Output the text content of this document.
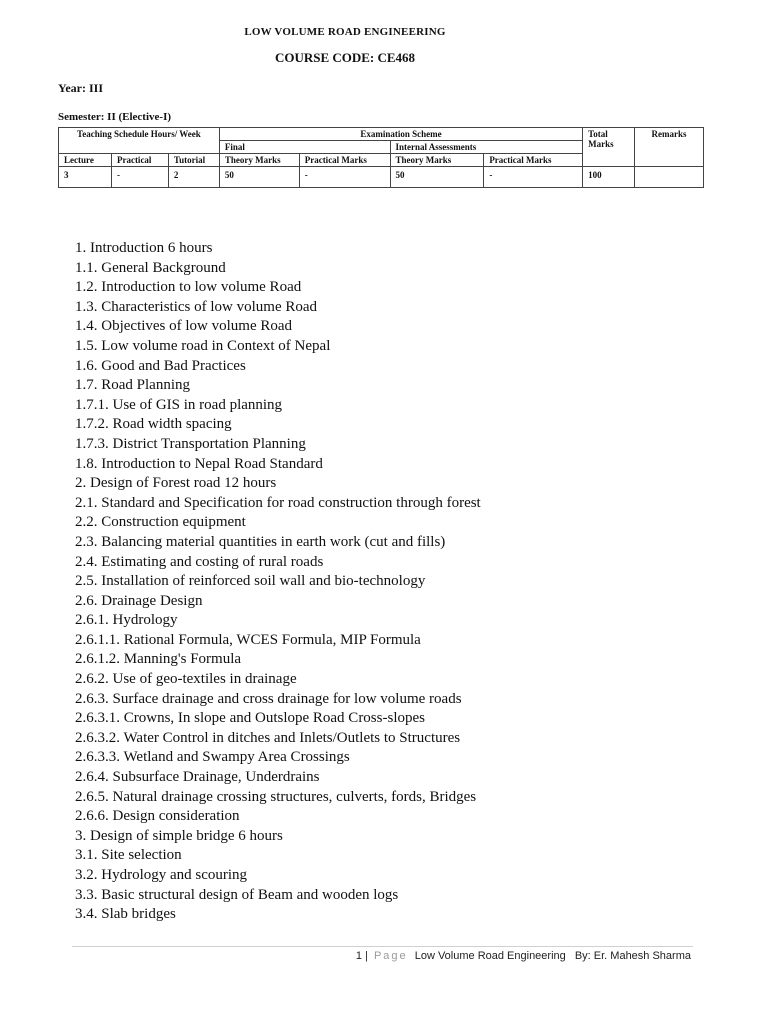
LOW VOLUME ROAD ENGINEERING
COURSE CODE: CE468
Year: III
Semester: II (Elective-I)
Teaching Schedule Hours/ Week			Examination Scheme				Total Marks	Remarks
			Final		Internal Assessments			
Lecture	Practical	Tutorial	Theory Marks	Practical Marks	Theory Marks	Practical Marks		
3	-	2	50	-	50	-	100	
1. Introduction 6 hours
1.1. General Background
1.2. Introduction to low volume Road
1.3. Characteristics of low volume Road
1.4. Objectives of low volume Road
1.5. Low volume road in Context of Nepal
1.6. Good and Bad Practices
1.7. Road Planning
1.7.1. Use of GIS in road planning
1.7.2. Road width spacing
1.7.3. District Transportation Planning
1.8. Introduction to Nepal Road Standard
2. Design of Forest road 12 hours
2.1. Standard and Specification for road construction through forest
2.2. Construction equipment
2.3. Balancing material quantities in earth work (cut and fills)
2.4. Estimating and costing of rural roads
2.5. Installation of reinforced soil wall and bio-technology
2.6. Drainage Design
2.6.1. Hydrology
2.6.1.1. Rational Formula, WCES Formula, MIP Formula
2.6.1.2. Manning's Formula
2.6.2. Use of geo-textiles in drainage
2.6.3. Surface drainage and cross drainage for low volume roads
2.6.3.1. Crowns, In slope and Outslope Road Cross-slopes
2.6.3.2. Water Control in ditches and Inlets/Outlets to Structures
2.6.3.3. Wetland and Swampy Area Crossings
2.6.4. Subsurface Drainage, Underdrains
2.6.5. Natural drainage crossing structures, culverts, fords, Bridges
2.6.6. Design consideration
3. Design of simple bridge 6 hours
3.1. Site selection
3.2. Hydrology and scouring
3.3. Basic structural design of Beam and wooden logs
3.4. Slab bridges
1 | Page Low Volume Road Engineering By: Er. Mahesh Sharma
